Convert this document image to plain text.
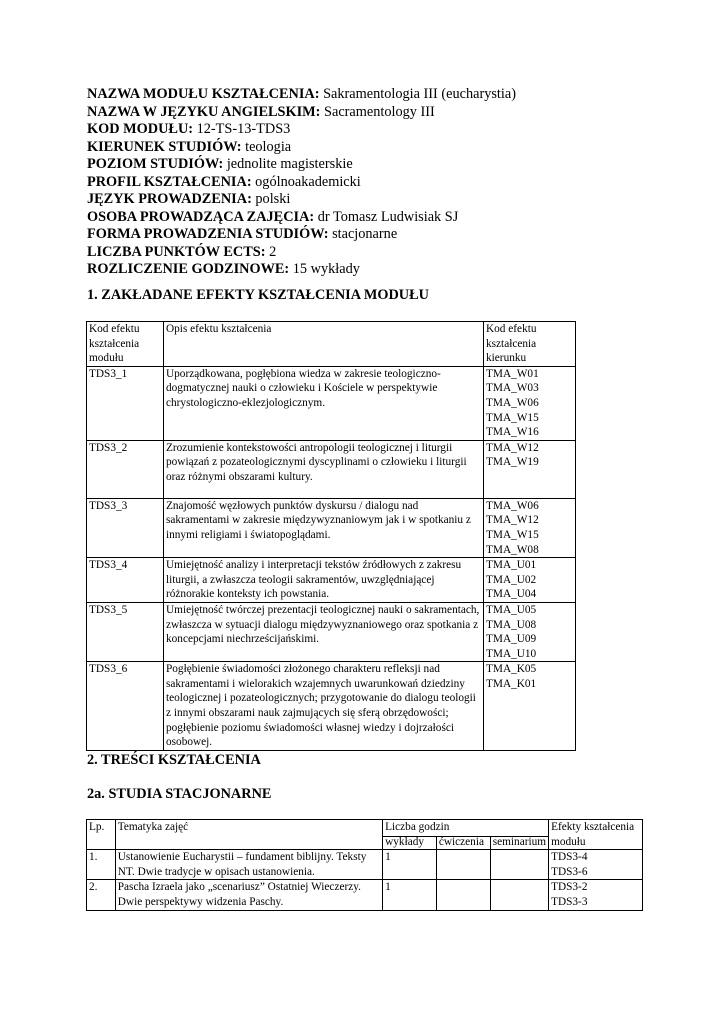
NAZWA MODUŁU KSZTAŁCENIA: Sakramentologia III (eucharystia)
NAZWA W JĘZYKU ANGIELSKIM: Sacramentology III
KOD MODUŁU: 12-TS-13-TDS3
KIERUNEK STUDIÓW: teologia
POZIOM STUDIÓW: jednolite magisterskie
PROFIL KSZTAŁCENIA: ogólnoakademicki
JĘZYK PROWADZENIA: polski
OSOBA PROWADZĄCA ZAJĘCIA: dr Tomasz Ludwisiak SJ
FORMA PROWADZENIA STUDIÓW: stacjonarne
LICZBA PUNKTÓW ECTS: 2
ROZLICZENIE GODZINOWE: 15 wykłady
1. ZAKŁADANE EFEKTY KSZTAŁCENIA MODUŁU
Kod efektu kształcenia modułu	Opis efektu kształcenia	Kod efektu kształcenia kierunku
TDS3_1	Uporządkowana, pogłębiona wiedza w zakresie teologiczno-dogmatycznej nauki o człowieku i Kościele w perspektywie chrystologiczno-eklezjologicznym.	TMA_W01
TMA_W03
TMA_W06
TMA_W15
TMA_W16

TDS3_2	Zrozumienie kontekstowości antropologii teologicznej i liturgii powiązań z pozateologicznymi dyscyplinami o człowieku i liturgii oraz różnymi obszarami kultury.	TMA_W12
TMA_W19

TDS3_3	Znajomość węzłowych punktów dyskursu / dialogu nad sakramentami w zakresie międzywyznaniowym jak i w spotkaniu z innymi religiami i światopoglądami.	TMA_W06
TMA_W12
TMA_W15
TMA_W08

TDS3_4	Umiejętność analizy i interpretacji tekstów źródłowych z zakresu liturgii, a zwłaszcza teologii sakramentów, uwzględniającej różnorakie konteksty ich powstania.	TMA_U01
TMA_U02
TMA_U04

TDS3_5	Umiejętność twórczej prezentacji teologicznej nauki o sakramentach, zwłaszcza w sytuacji dialogu międzywyznaniowego oraz spotkania z koncepcjami niechrześcijańskimi.	TMA_U05
TMA_U08
TMA_U09
TMA_U10

TDS3_6	Pogłębienie świadomości złożonego charakteru refleksji nad sakramentami i wielorakich wzajemnych uwarunkowań dziedziny teologicznej i pozateologicznych; przygotowanie do dialogu teologii z innymi obszarami nauk zajmujących się sferą obrzędowości; pogłębienie poziomu świadomości własnej wiedzy i dojrzałości osobowej.	TMA_K05
TMA_K01
2. TREŚCI KSZTAŁCENIA
2a. STUDIA STACJONARNE
Lp.	Tematyka zajęć	Liczba godzin			Efekty kształcenia modułu
		wykłady	ćwiczenia	seminarium	
1.	Ustanowienie Eucharystii – fundament biblijny. Teksty NT. Dwie tradycje w opisach ustanowienia.	1			TDS3-4
TDS3-6

2.	Pascha Izraela jako „scenariusz” Ostatniej Wieczerzy. Dwie perspektywy widzenia Paschy.	1			TDS3-2
TDS3-3
